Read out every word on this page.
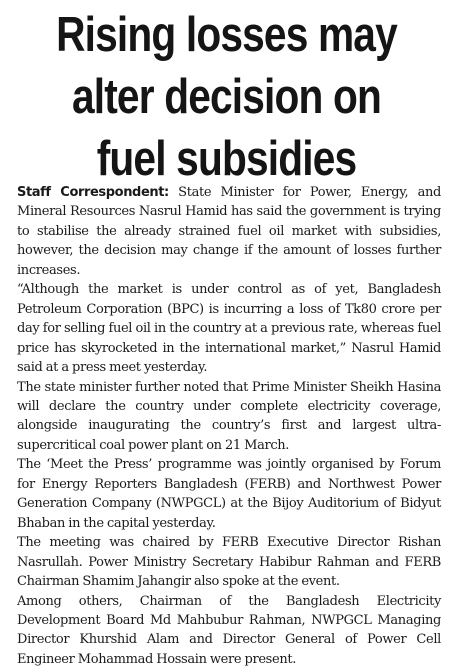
Rising losses may
alter decision on
fuel subsidies

Staff Correspondent: State Minister for Power, Energy, and Mineral Resources Nasrul Hamid has said the government is trying to stabilise the already strained fuel oil market with subsidies, however, the decision may change if the amount of losses further increases.

“Although the market is under control as of yet, Bangladesh Petroleum Corporation (BPC) is incurring a loss of Tk80 crore per day for selling fuel oil in the country at a previous rate, whereas fuel price has skyrocketed in the international market,” Nasrul Hamid said at a press meet yesterday.

The state minister further noted that Prime Minister Sheikh Hasina will declare the country under complete electricity coverage, alongside inaugurating the country’s first and largest ultra-supercritical coal power plant on 21 March.

The ‘Meet the Press’ programme was jointly organised by Forum for Energy Reporters Bangladesh (FERB) and Northwest Power Generation Company (NWPGCL) at the Bijoy Auditorium of Bidyut Bhaban in the capital yesterday.

The meeting was chaired by FERB Executive Director Rishan Nasrullah. Power Ministry Secretary Habibur Rahman and FERB Chairman Shamim Jahangir also spoke at the event.

Among others, Chairman of the Bangladesh Electricity Development Board Md Mahbubur Rahman, NWPGCL Managing Director Khurshid Alam and Director General of Power Cell Engineer Mohammad Hossain were present.
